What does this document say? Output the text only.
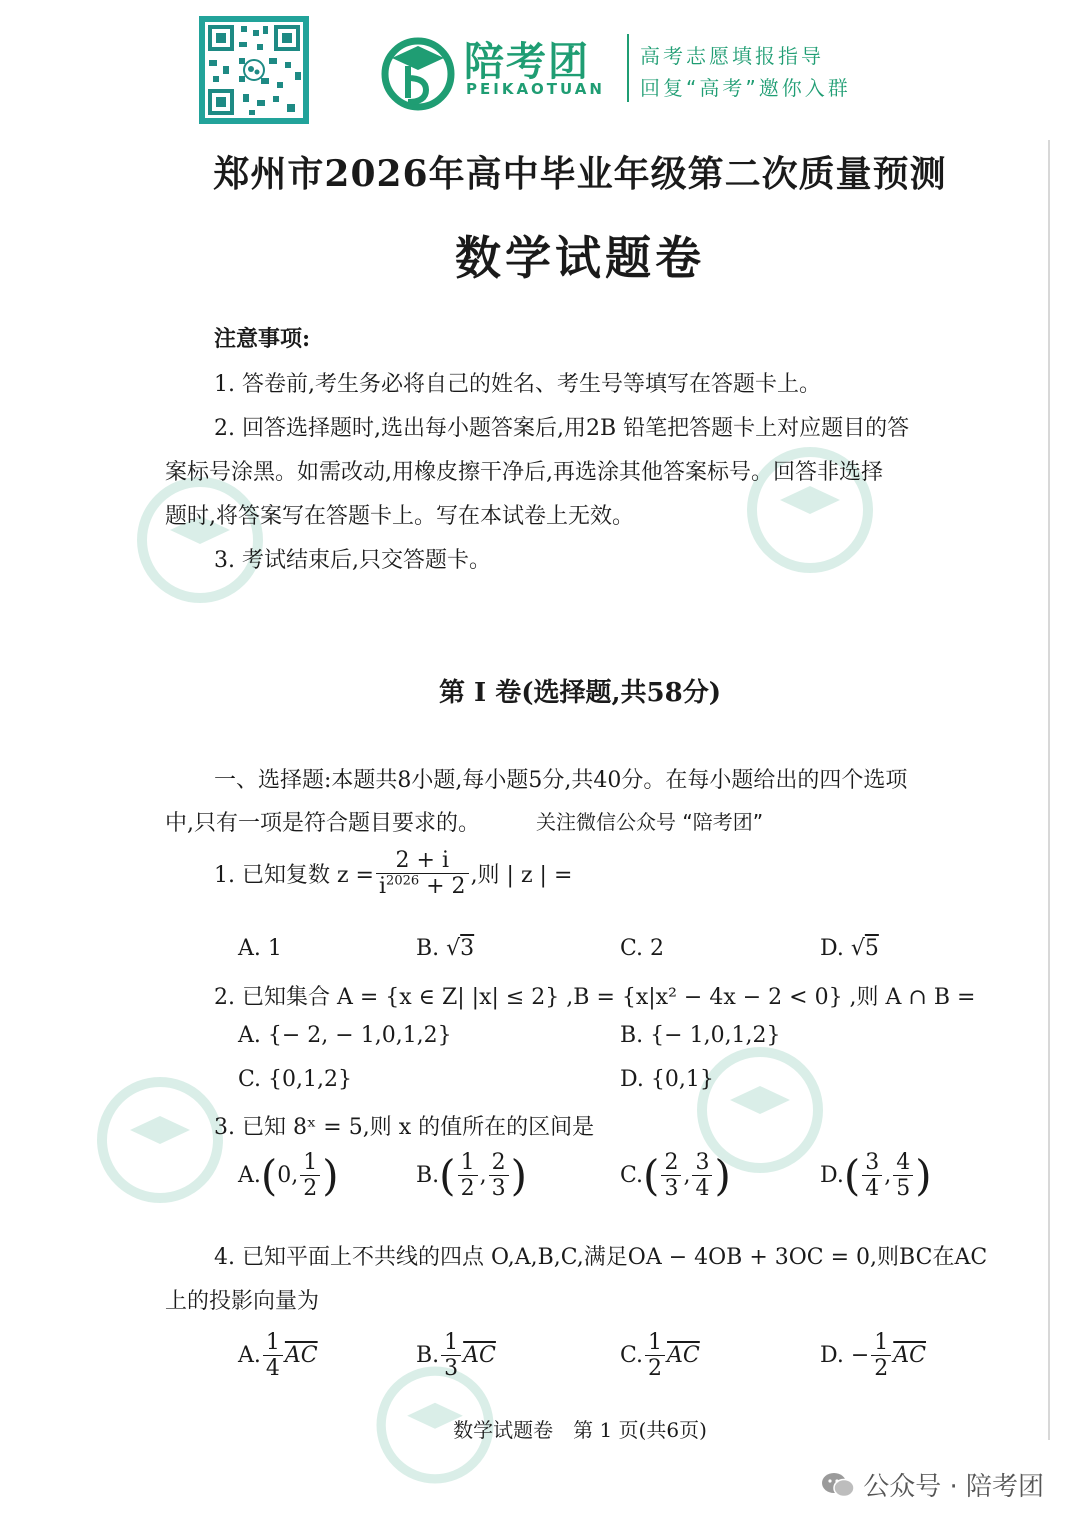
陪考团
PEIKAOTUAN
高考志愿填报指导
回复“高考”邀你入群
郑州市2026年高中毕业年级第二次质量预测
数学试题卷
注意事项:
1. 答卷前,考生务必将自己的姓名、考生号等填写在答题卡上。
2. 回答选择题时,选出每小题答案后,用2B 铅笔把答题卡上对应题目的答
案标号涂黑。如需改动,用橡皮擦干净后,再选涂其他答案标号。回答非选择
题时,将答案写在答题卡上。写在本试卷上无效。
3. 考试结束后,只交答题卡。
第 Ⅰ 卷(选择题,共58分)
一、选择题:本题共8小题,每小题5分,共40分。在每小题给出的四个选项
中,只有一项是符合题目要求的。	关注微信公众号 “陪考团”
1. 已知复数 $z = \frac{2 + i}{i^{2026} + 2}$ ,则 | z | =
A. 1	B. √3	C. 2	D. √5
2. 已知集合 A = {x ∈ Z| |x| ≤ 2} ,B = {x|x² − 4x − 2 < 0} ,则 A ∩ B =
A. {− 2, − 1,0,1,2}	B. {− 1,0,1,2}
C. {0,1,2}	D. {0,1}
3. 已知 8ˣ = 5,则 x 的值所在的区间是
A. ( 0 , $\frac{1}{2}$ )	B. ( $\frac{1}{2}$ , $\frac{2}{3}$ )	C. ( $\frac{2}{3}$ , $\frac{3}{4}$ )	D. ( $\frac{3}{4}$ , $\frac{4}{5}$ )
4. 已知平面上不共线的四点 O,A,B,C,满足OA − 4OB + 3OC = 0,则BC在AC
上的投影向量为
A. $\frac{1}{4} \overline{AC}$	B. $\frac{1}{3} \overline{AC}$	C. $\frac{1}{2} \overline{AC}$	D. − $\frac{1}{2} \overline{AC}$
数学试题卷　第 1 页(共6页)
公众号 · 陪考团
